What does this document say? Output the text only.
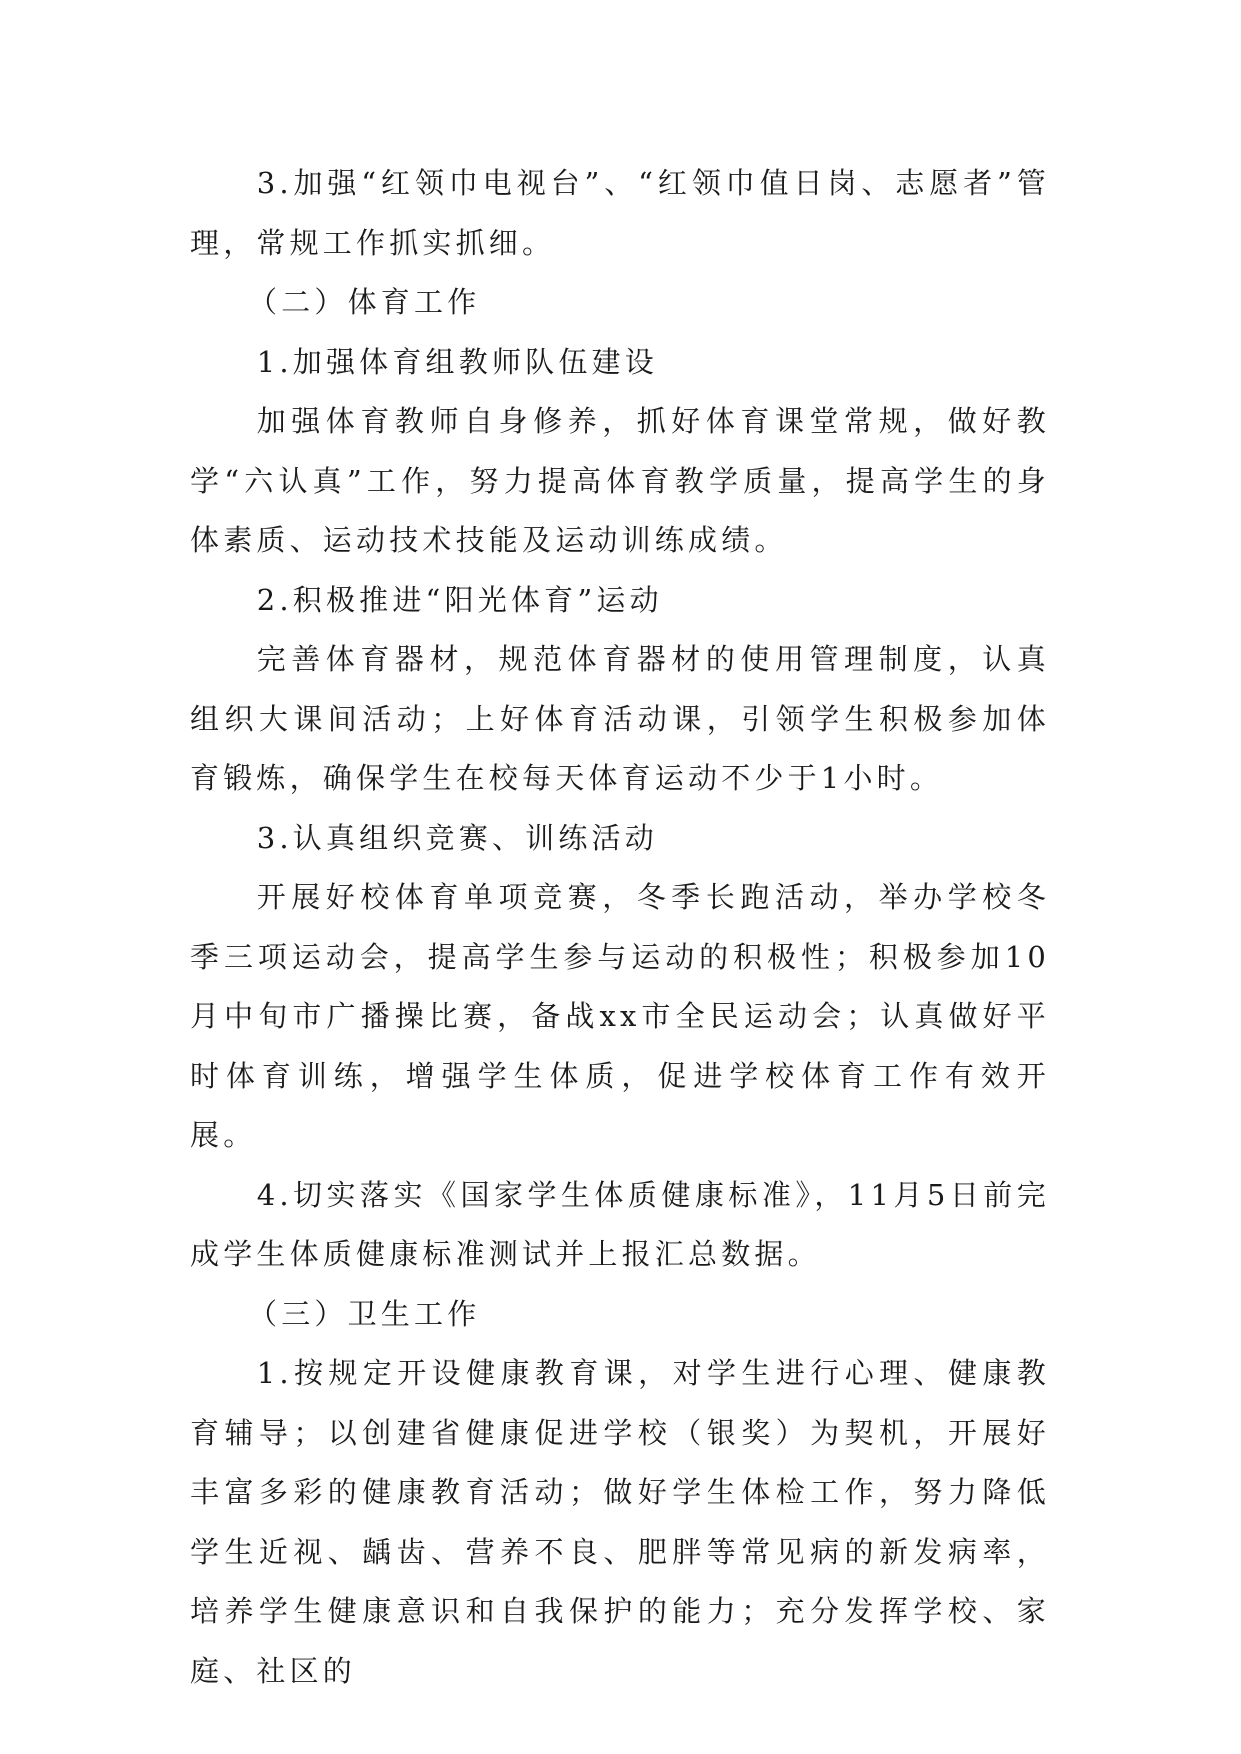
3.加强“红领巾电视台”、“红领巾值日岗、志愿者”管理，常规工作抓实抓细。

（二）体育工作

1.加强体育组教师队伍建设

加强体育教师自身修养，抓好体育课堂常规，做好教学“六认真”工作，努力提高体育教学质量，提高学生的身体素质、运动技术技能及运动训练成绩。

2.积极推进“阳光体育”运动

完善体育器材，规范体育器材的使用管理制度，认真组织大课间活动；上好体育活动课，引领学生积极参加体育锻炼，确保学生在校每天体育运动不少于1小时。

3.认真组织竞赛、训练活动

开展好校体育单项竞赛，冬季长跑活动，举办学校冬季三项运动会，提高学生参与运动的积极性；积极参加10月中旬市广播操比赛，备战xx市全民运动会；认真做好平时体育训练，增强学生体质，促进学校体育工作有效开展。

4.切实落实《国家学生体质健康标准》，11月5日前完成学生体质健康标准测试并上报汇总数据。

（三）卫生工作

1.按规定开设健康教育课，对学生进行心理、健康教育辅导；以创建省健康促进学校（银奖）为契机，开展好丰富多彩的健康教育活动；做好学生体检工作，努力降低学生近视、龋齿、营养不良、肥胖等常见病的新发病率，培养学生健康意识和自我保护的能力；充分发挥学校、家庭、社区的
